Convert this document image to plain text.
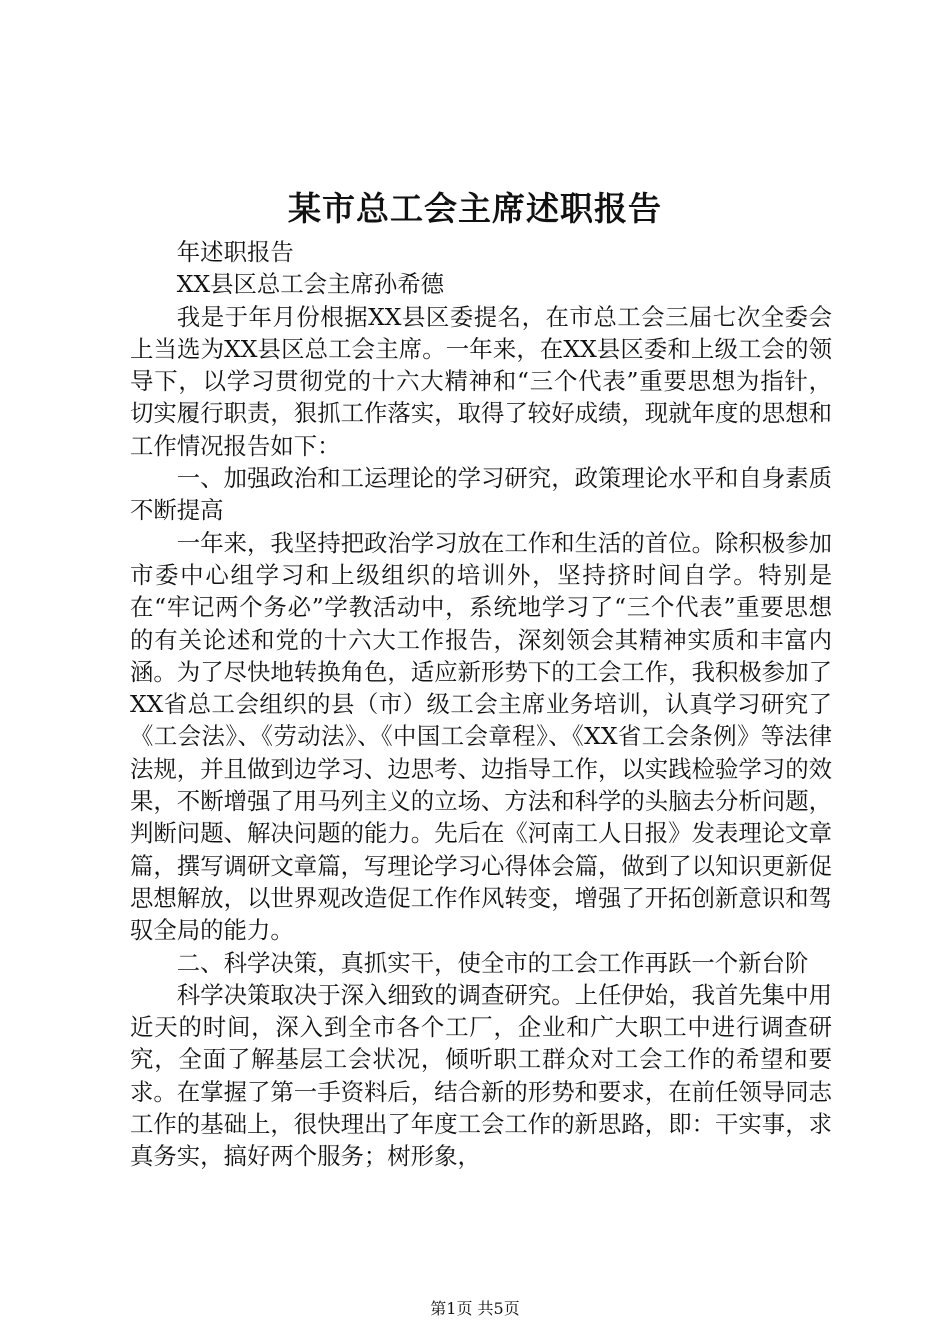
某市总工会主席述职报告

年述职报告

XX县区总工会主席孙希德

我是于年月份根据XX县区委提名，在市总工会三届七次全委会上当选为XX县区总工会主席。一年来，在XX县区委和上级工会的领导下，以学习贯彻党的十六大精神和“三个代表”重要思想为指针，切实履行职责，狠抓工作落实，取得了较好成绩，现就年度的思想和工作情况报告如下：

一、加强政治和工运理论的学习研究，政策理论水平和自身素质不断提高

一年来，我坚持把政治学习放在工作和生活的首位。除积极参加市委中心组学习和上级组织的培训外，坚持挤时间自学。特别是在“牢记两个务必”学教活动中，系统地学习了“三个代表”重要思想的有关论述和党的十六大工作报告，深刻领会其精神实质和丰富内涵。为了尽快地转换角色，适应新形势下的工会工作，我积极参加了XX省总工会组织的县（市）级工会主席业务培训，认真学习研究了《工会法》、《劳动法》、《中国工会章程》、《XX省工会条例》等法律法规，并且做到边学习、边思考、边指导工作，以实践检验学习的效果，不断增强了用马列主义的立场、方法和科学的头脑去分析问题，判断问题、解决问题的能力。先后在《河南工人日报》发表理论文章篇，撰写调研文章篇，写理论学习心得体会篇，做到了以知识更新促思想解放，以世界观改造促工作作风转变，增强了开拓创新意识和驾驭全局的能力。

二、科学决策，真抓实干，使全市的工会工作再跃一个新台阶

科学决策取决于深入细致的调查研究。上任伊始，我首先集中用近天的时间，深入到全市各个工厂，企业和广大职工中进行调查研究，全面了解基层工会状况，倾听职工群众对工会工作的希望和要求。在掌握了第一手资料后，结合新的形势和要求，在前任领导同志工作的基础上，很快理出了年度工会工作的新思路，即：干实事，求真务实，搞好两个服务；树形象，

第1页 共5页
